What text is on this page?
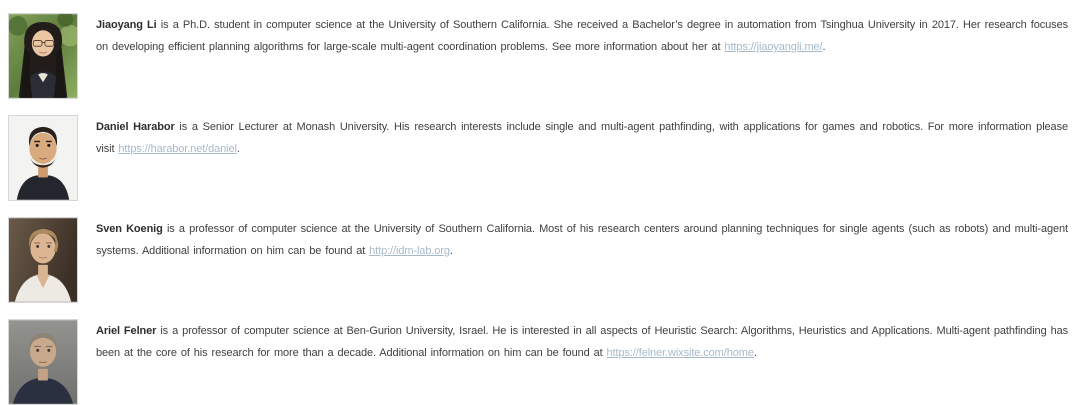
Jiaoyang Li is a Ph.D. student in computer science at the University of Southern California. She received a Bachelor’s degree in automation from Tsinghua University in 2017. Her research focuses on developing efficient planning algorithms for large-scale multi-agent coordination problems. See more information about her at https://jiaoyangli.me/.

Daniel Harabor is a Senior Lecturer at Monash University. His research interests include single and multi-agent pathfinding, with applications for games and robotics. For more information please visit https://harabor.net/daniel.

Sven Koenig is a professor of computer science at the University of Southern California. Most of his research centers around planning techniques for single agents (such as robots) and multi-agent systems. Additional information on him can be found at http://idm-lab.org.

Ariel Felner is a professor of computer science at Ben-Gurion University, Israel. He is interested in all aspects of Heuristic Search: Algorithms, Heuristics and Applications. Multi-agent pathfinding has been at the core of his research for more than a decade. Additional information on him can be found at https://felner.wixsite.com/home.
